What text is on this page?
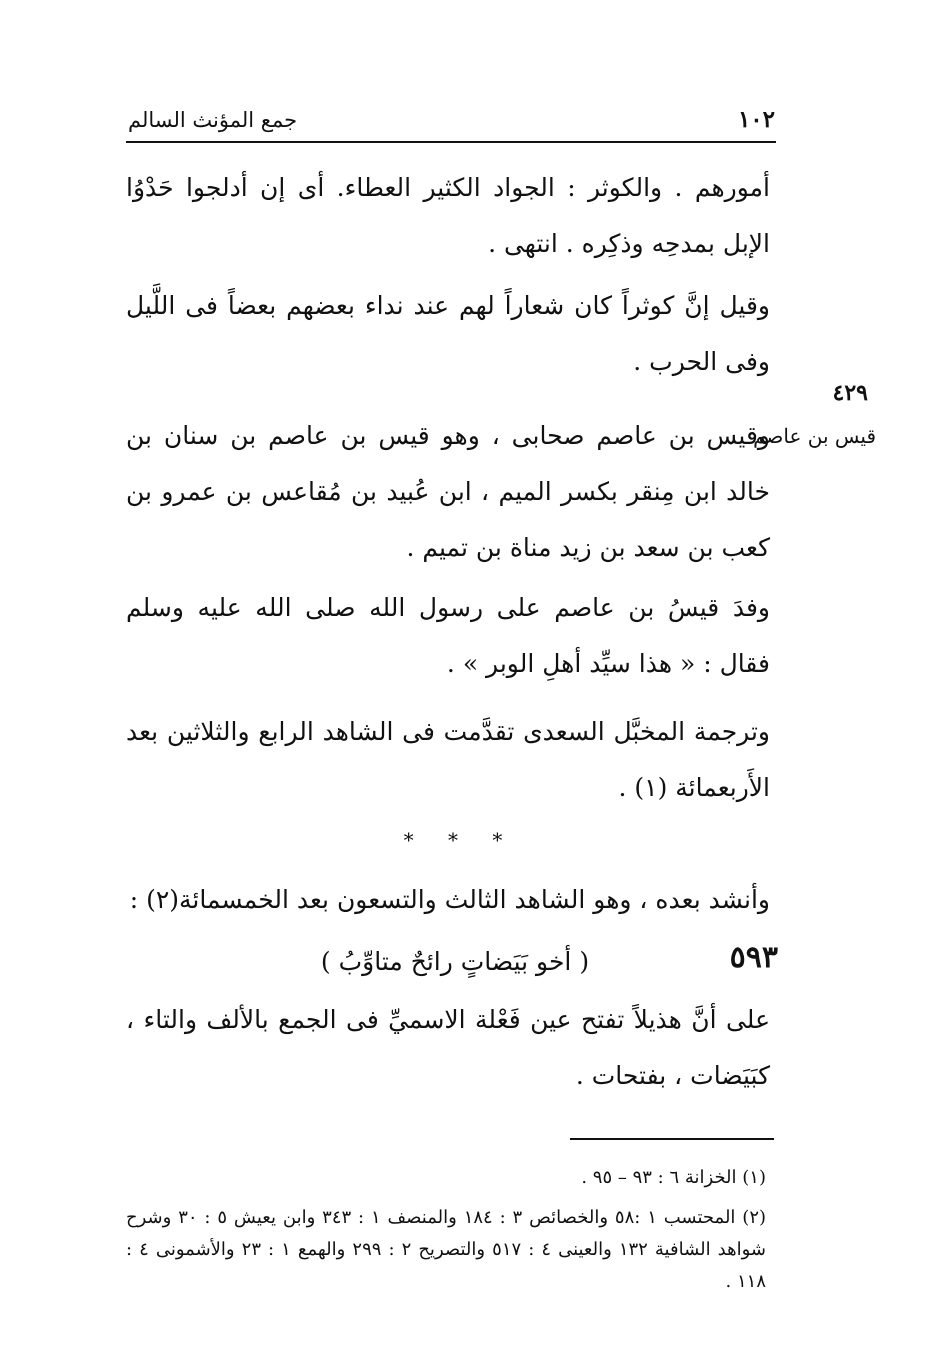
جمع المؤنث السالم	١٠٢
أمورهم . والكوثر : الجواد الكثير العطاء. أى إن أدلجوا حَدْوُا الإبل بمدحِه وذكِره . انتهى .
وقيل إنَّ كوثراً كان شعاراً لهم عند نداء بعضهم بعضاً فى اللَّيل وفى الحرب .
٤٢٩
قيس بن عاصم
وقيس بن عاصم صحابى ، وهو قيس بن عاصم بن سنان بن خالد ابن مِنقر بكسر الميم ، ابن عُبيد بن مُقاعس بن عمرو بن كعب بن سعد بن زيد مناة بن تميم .
وفدَ قيسُ بن عاصم على رسول الله صلى الله عليه وسلم فقال : « هذا سيِّد أهلِ الوبر » .
وترجمة المخبَّل السعدى تقدَّمت فى الشاهد الرابع والثلاثين بعد الأَربعمائة (١) .
* * *
وأنشد بعده ، وهو الشاهد الثالث والتسعون بعد الخمسمائة(٢) :
٥٩٣
( أخو بَيَضاتٍ رائحٌ متاوِّبُ )
على أنَّ هذيلاً تفتح عين فَعْلة الاسميِّ فى الجمع بالألف والتاء ، كبَيَضات ، بفتحات .
(١) الخزانة ٦ : ٩٣ – ٩٥ .
(٢) المحتسب ١ :٥٨ والخصائص ٣ : ١٨٤ والمنصف ١ : ٣٤٣ وابن يعيش ٥ : ٣٠ وشرح شواهد الشافية ١٣٢ والعينى ٤ : ٥١٧ والتصريح ٢ : ٢٩٩ والهمع ١ : ٢٣ والأشمونى ٤ : ١١٨ .
